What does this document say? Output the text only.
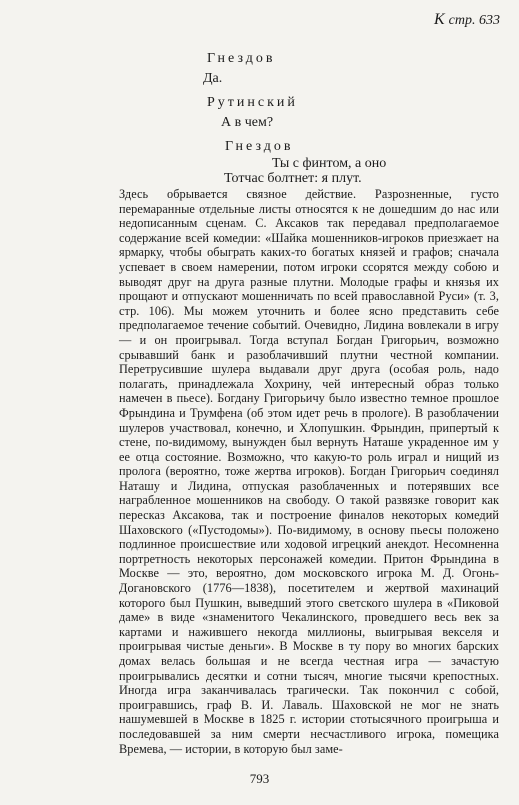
К стр. 633
Гнездов
Да.
Рутинский
А в чем?
Гнездов
Ты с финтом, а оно
Тотчас болтнет: я плут.

Здесь обрывается связное действие. Разрозненные, густо перемаранные отдельные листы относятся к не дошедшим до нас или недописанным сценам. С. Аксаков так передавал предполагаемое содержание всей комедии: «Шайка мошенников-игроков приезжает на ярмарку, чтобы обыграть каких-то богатых князей и графов; сначала успевает в своем намерении, потом игроки ссорятся между собою и выводят друг на друга разные плутни. Молодые графы и князья их прощают и отпускают мошенничать по всей православной Руси» (т. 3, стр. 106). Мы можем уточнить и более ясно представить себе предполагаемое течение событий. Очевидно, Лидина вовлекали в игру — и он проигрывал. Тогда вступал Богдан Григорьич, возможно срывавший банк и разоблачивший плутни честной компании. Перетрусившие шулера выдавали друг друга (особая роль, надо полагать, принадлежала Хохрину, чей интересный образ только намечен в пьесе). Богдану Григорьичу было известно темное прошлое Фрындина и Трумфена (об этом идет речь в прологе). В разоблачении шулеров участвовал, конечно, и Хлопушкин. Фрындин, припертый к стене, по-видимому, вынужден был вернуть Наташе украденное им у ее отца состояние. Возможно, что какую-то роль играл и нищий из пролога (вероятно, тоже жертва игроков). Богдан Григорьич соединял Наташу и Лидина, отпуская разоблаченных и потерявших все награбленное мошенников на свободу. О такой развязке говорит как пересказ Аксакова, так и построение финалов некоторых комедий Шаховского («Пустодомы»). По-видимому, в основу пьесы положено подлинное происшествие или ходовой игрецкий анекдот. Несомненна портретность некоторых персонажей комедии. Притон Фрындина в Москве — это, вероятно, дом московского игрока М. Д. Огонь-Догановского (1776—1838), посетителем и жертвой махинаций которого был Пушкин, выведший этого светского шулера в «Пиковой даме» в виде «знаменитого Чекалинского, проведшего весь век за картами и нажившего некогда миллионы, выигрывая векселя и проигрывая чистые деньги». В Москве в ту пору во многих барских домах велась большая и не всегда честная игра — зачастую проигрывались десятки и сотни тысяч, многие тысячи крепостных. Иногда игра заканчивалась трагически. Так покончил с собой, проигравшись, граф В. И. Лаваль. Шаховской не мог не знать нашумевшей в Москве в 1825 г. истории стотысячного проигрыша и последовавшей за ним смерти несчастливого игрока, помещика Времева, — истории, в которую был заме-

793
